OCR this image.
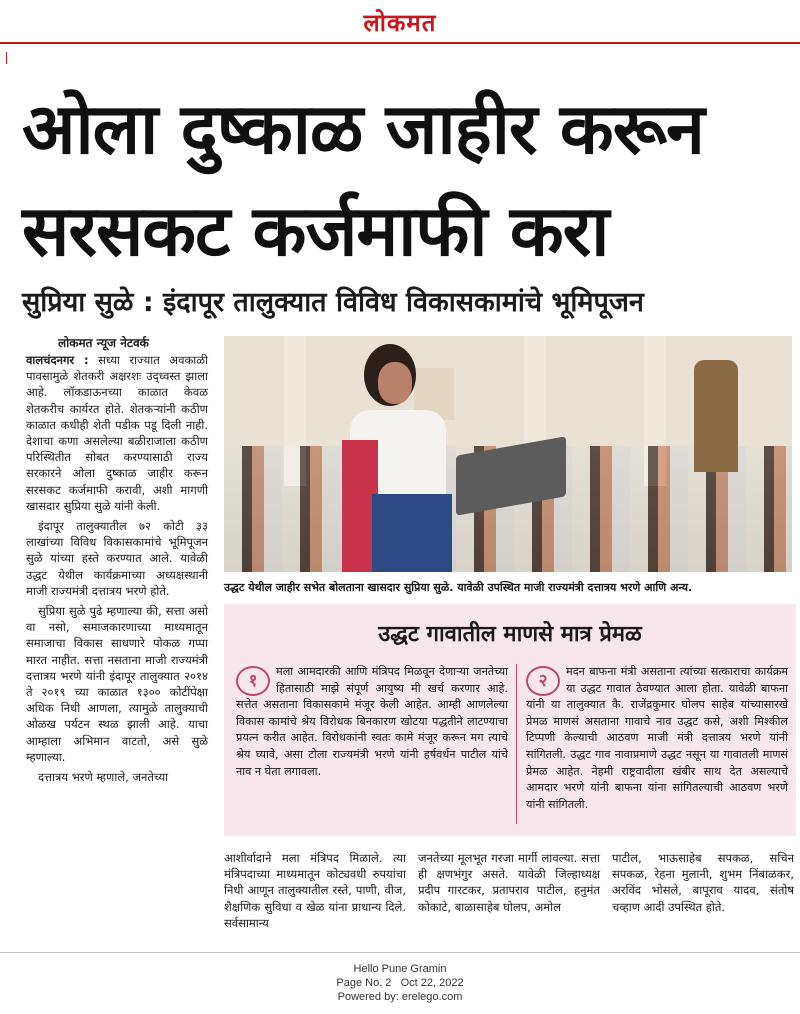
लोकमत
ओला दुष्काळ जाहीर करून
सरसकट कर्जमाफी करा
सुप्रिया सुळे : इंदापूर तालुक्यात विविध विकासकामांचे भूमिपूजन
लोकमत न्यूज नेटवर्क

वालचंदनगर : सध्या राज्यात अवकाळी पावसामुळे शेतकरी अक्षरशः उद्ध्वस्त झाला आहे. लॉकडाऊनच्या काळात केवळ शेतकरीच कार्यरत होते. शेतकऱ्यांनी कठीण काळात कधीही शेती पडीक पडू दिली नाही. देशाचा कणा असलेल्या बळीराजाला कठीण परिस्थितीत सोबत करण्यासाठी राज्य सरकारने ओला दुष्काळ जाहीर करून सरसकट कर्जमाफी करावी, अशी मागणी खासदार सुप्रिया सुळे यांनी केली.

इंदापूर तालुक्यातील ७२ कोटी ३३ लाखांच्या विविध विकासकामांचे भूमिपूजन सुळे यांच्या हस्ते करण्यात आले. यावेळी उद्धट येथील कार्यक्रमाच्या अध्यक्षस्थानी माजी राज्यमंत्री दत्तात्रय भरणे होते.

सुप्रिया सुळे पुढे म्हणाल्या की, सत्ता असो वा नसो, समाजकारणाच्या माध्यमातून समाजाचा विकास साधणारे पोकळ गप्पा मारत नाहीत. सत्ता नसताना माजी राज्यमंत्री दत्तात्रय भरणे यांनी इंदापूर तालुक्यात २०१४ ते २०१९ च्या काळात १३०० कोटींपेक्षा अधिक निधी आणला, त्यामुळे तालुक्याची ओळख पर्यटन स्थळ झाली आहे. याचा आम्हाला अभिमान वाटतो, असे सुळे म्हणाल्या.

दत्तात्रय भरणे म्हणाले, जनतेच्या

उद्धट येथील जाहीर सभेत बोलताना खासदार सुप्रिया सुळे. यावेळी उपस्थित माजी राज्यमंत्री दत्तात्रय भरणे आणि अन्य.
उद्धट गावातील माणसे मात्र प्रेमळ
१	मला आमदारकी आणि मंत्रिपद मिळवून देणाऱ्या जनतेच्या हितासाठी माझे संपूर्ण आयुष्य मी खर्च करणार आहे. सत्तेत असताना विकासकामे मंजूर केली आहेत. आम्ही आणलेल्या विकास कामांचे श्रेय विरोधक बिनकारण खोटया पद्धतीने लाटण्याचा प्रयत्न करीत आहेत. विरोधकांनी स्वतः कामे मंजूर करून मग त्याचे श्रेय घ्यावे, असा टोला राज्यमंत्री भरणे यांनी हर्षवर्धन पाटील यांचे नाव न घेता लगावला.
२	मदन बाफना मंत्री असताना त्यांच्या सत्काराचा कार्यक्रम या उद्धट गावात ठेवण्यात आला होता. यावेळी बाफना यांनी या तालुक्यात कै. राजेंद्रकुमार घोलप साहेब यांच्यासारखे प्रेमळ माणसं असताना गावाचे नाव उद्धट कसे, अशी मिश्कील टिप्पणी केल्याची आठवण माजी मंत्री दत्तात्रय भरणे यांनी सांगितली. उद्धट गाव नावाप्रमाणे उद्धट नसून या गावातली माणसं प्रेमळ आहेत. नेहमी राष्ट्रवादीला खंबीर साथ देत असल्याचे आमदार भरणे यांनी बाफना यांना सांगितल्याची आठवण भरणे यांनी सांगितली.
आशीर्वादाने मला मंत्रिपद मिळाले. त्या मंत्रिपदाच्या माध्यमातून कोट्यवधी रुपयांचा निधी आणून तालुक्यातील रस्ते, पाणी, वीज, शैक्षणिक सुविधा व खेळ यांना प्राधान्य दिले. सर्वसामान्य
जनतेच्या मूलभूत गरजा मार्गी लावल्या. सत्ता ही क्षणभंगुर असते. यावेळी जिल्हाध्यक्ष प्रदीप गारटकर, प्रतापराव पाटील, हनुमंत कोकाटे, बाळासाहेब घोलप, अमोल
पाटील, भाऊसाहेब सपकळ, सचिन सपकळ, रेहना मुलानी, शुभम निंबाळकर, अरविंद भोसले, बापूराव यादव, संतोष चव्हाण आदी उपस्थित होते.
Hello Pune Gramin
Page No. 2   Oct 22, 2022
Powered by: erelego.com
